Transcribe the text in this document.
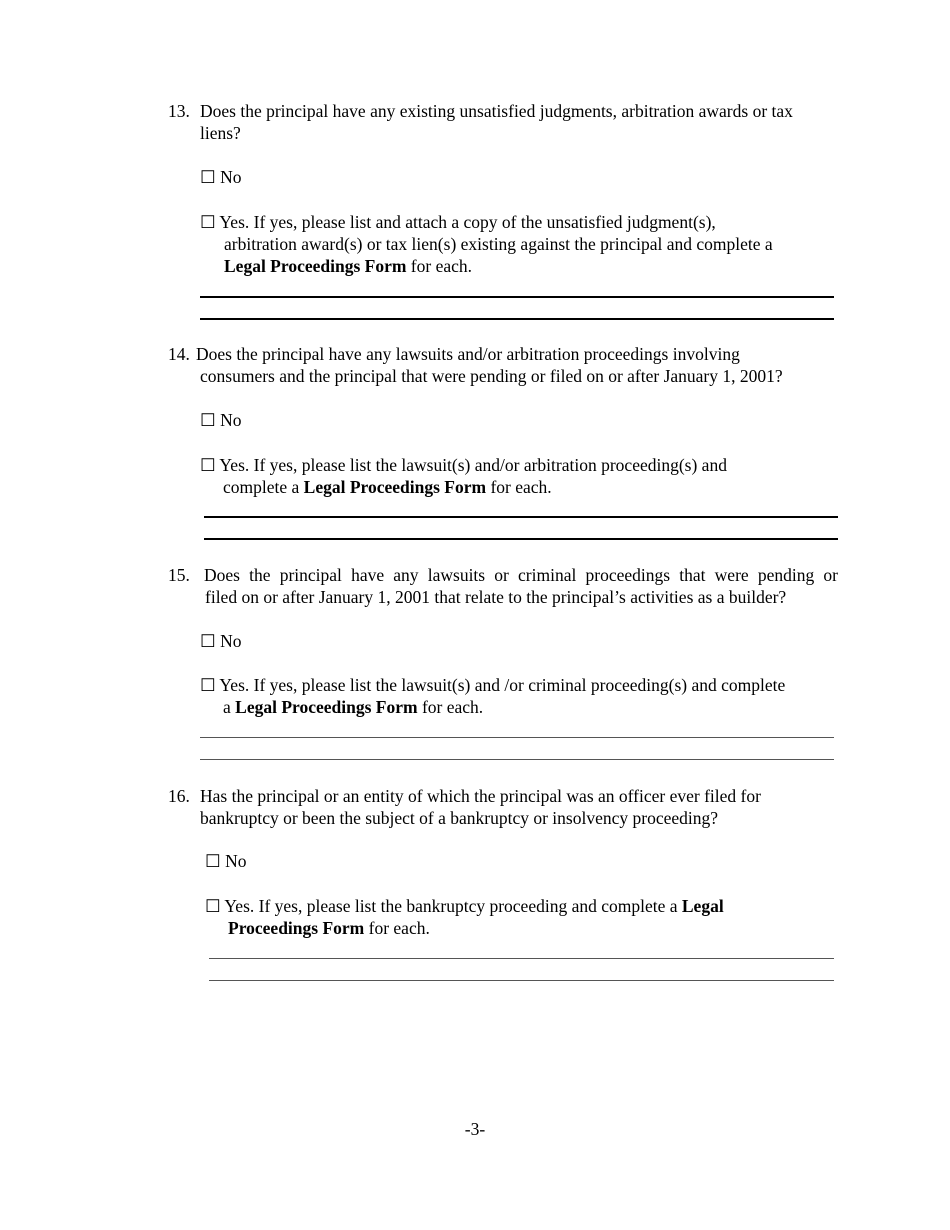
13. Does the principal have any existing unsatisfied judgments, arbitration awards or tax
liens?
☐ No
☐ Yes. If yes, please list and attach a copy of the unsatisfied judgment(s),
arbitration award(s) or tax lien(s) existing against the principal and complete a
Legal Proceedings Form for each.
14. Does the principal have any lawsuits and/or arbitration proceedings involving
consumers and the principal that were pending or filed on or after January 1, 2001?
☐ No
☐ Yes. If yes, please list the lawsuit(s) and/or arbitration proceeding(s) and
complete a Legal Proceedings Form for each.
15. Does the principal have any lawsuits or criminal proceedings that were pending or
filed on or after January 1, 2001 that relate to the principal’s activities as a builder?
☐ No
☐ Yes. If yes, please list the lawsuit(s) and /or criminal proceeding(s) and complete
a Legal Proceedings Form for each.
16. Has the principal or an entity of which the principal was an officer ever filed for
bankruptcy or been the subject of a bankruptcy or insolvency proceeding?
☐ No
☐ Yes. If yes, please list the bankruptcy proceeding and complete a Legal
Proceedings Form for each.
-3-
